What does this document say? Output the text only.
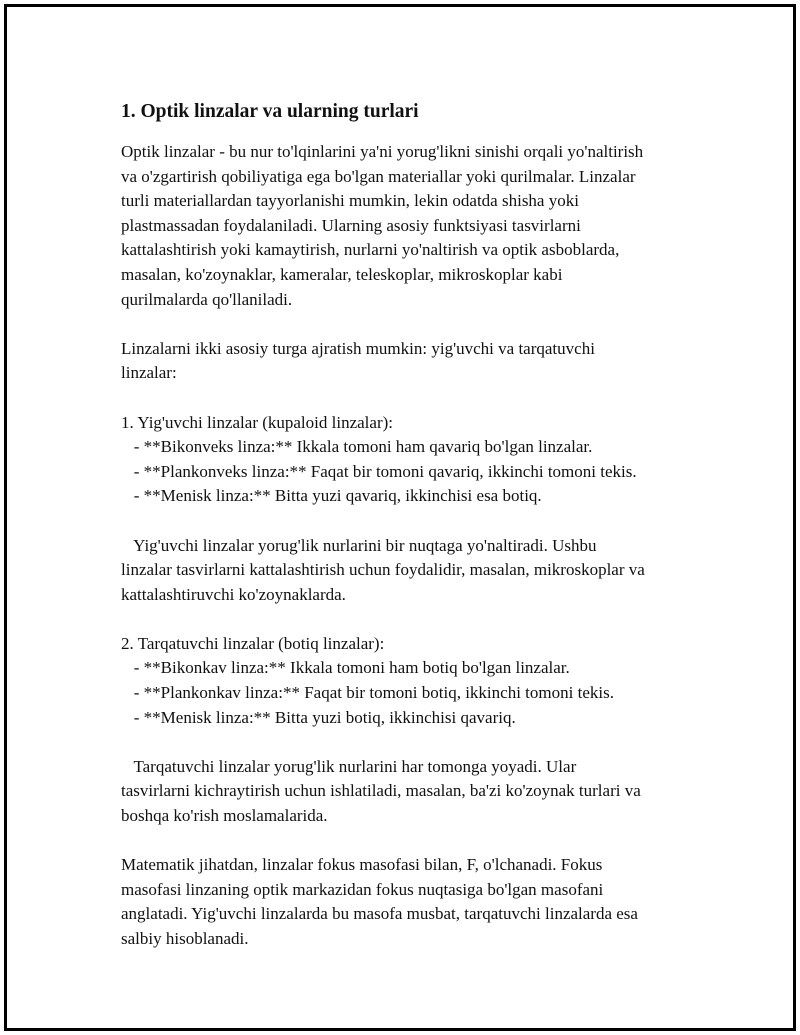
1. Optik linzalar va ularning turlari

Optik linzalar - bu nur to'lqinlarini ya'ni yorug'likni sinishi orqali yo'naltirish

va o'zgartirish qobiliyatiga ega bo'lgan materiallar yoki qurilmalar. Linzalar

turli materiallardan tayyorlanishi mumkin, lekin odatda shisha yoki

plastmassadan foydalaniladi. Ularning asosiy funktsiyasi tasvirlarni

kattalashtirish yoki kamaytirish, nurlarni yo'naltirish va optik asboblarda,

masalan, ko'zoynaklar, kameralar, teleskoplar, mikroskoplar kabi

qurilmalarda qo'llaniladi.

Linzalarni ikki asosiy turga ajratish mumkin: yig'uvchi va tarqatuvchi

linzalar:

1. Yig'uvchi linzalar (kupaloid linzalar):

- **Bikonveks linza:** Ikkala tomoni ham qavariq bo'lgan linzalar.

- **Plankonveks linza:** Faqat bir tomoni qavariq, ikkinchi tomoni tekis.

- **Menisk linza:** Bitta yuzi qavariq, ikkinchisi esa botiq.

Yig'uvchi linzalar yorug'lik nurlarini bir nuqtaga yo'naltiradi. Ushbu

linzalar tasvirlarni kattalashtirish uchun foydalidir, masalan, mikroskoplar va

kattalashtiruvchi ko'zoynaklarda.

2. Tarqatuvchi linzalar (botiq linzalar):

- **Bikonkav linza:** Ikkala tomoni ham botiq bo'lgan linzalar.

- **Plankonkav linza:** Faqat bir tomoni botiq, ikkinchi tomoni tekis.

- **Menisk linza:** Bitta yuzi botiq, ikkinchisi qavariq.

Tarqatuvchi linzalar yorug'lik nurlarini har tomonga yoyadi. Ular

tasvirlarni kichraytirish uchun ishlatiladi, masalan, ba'zi ko'zoynak turlari va

boshqa ko'rish moslamalarida.

Matematik jihatdan, linzalar fokus masofasi bilan, F, o'lchanadi. Fokus

masofasi linzaning optik markazidan fokus nuqtasiga bo'lgan masofani

anglatadi. Yig'uvchi linzalarda bu masofa musbat, tarqatuvchi linzalarda esa

salbiy hisoblanadi.
